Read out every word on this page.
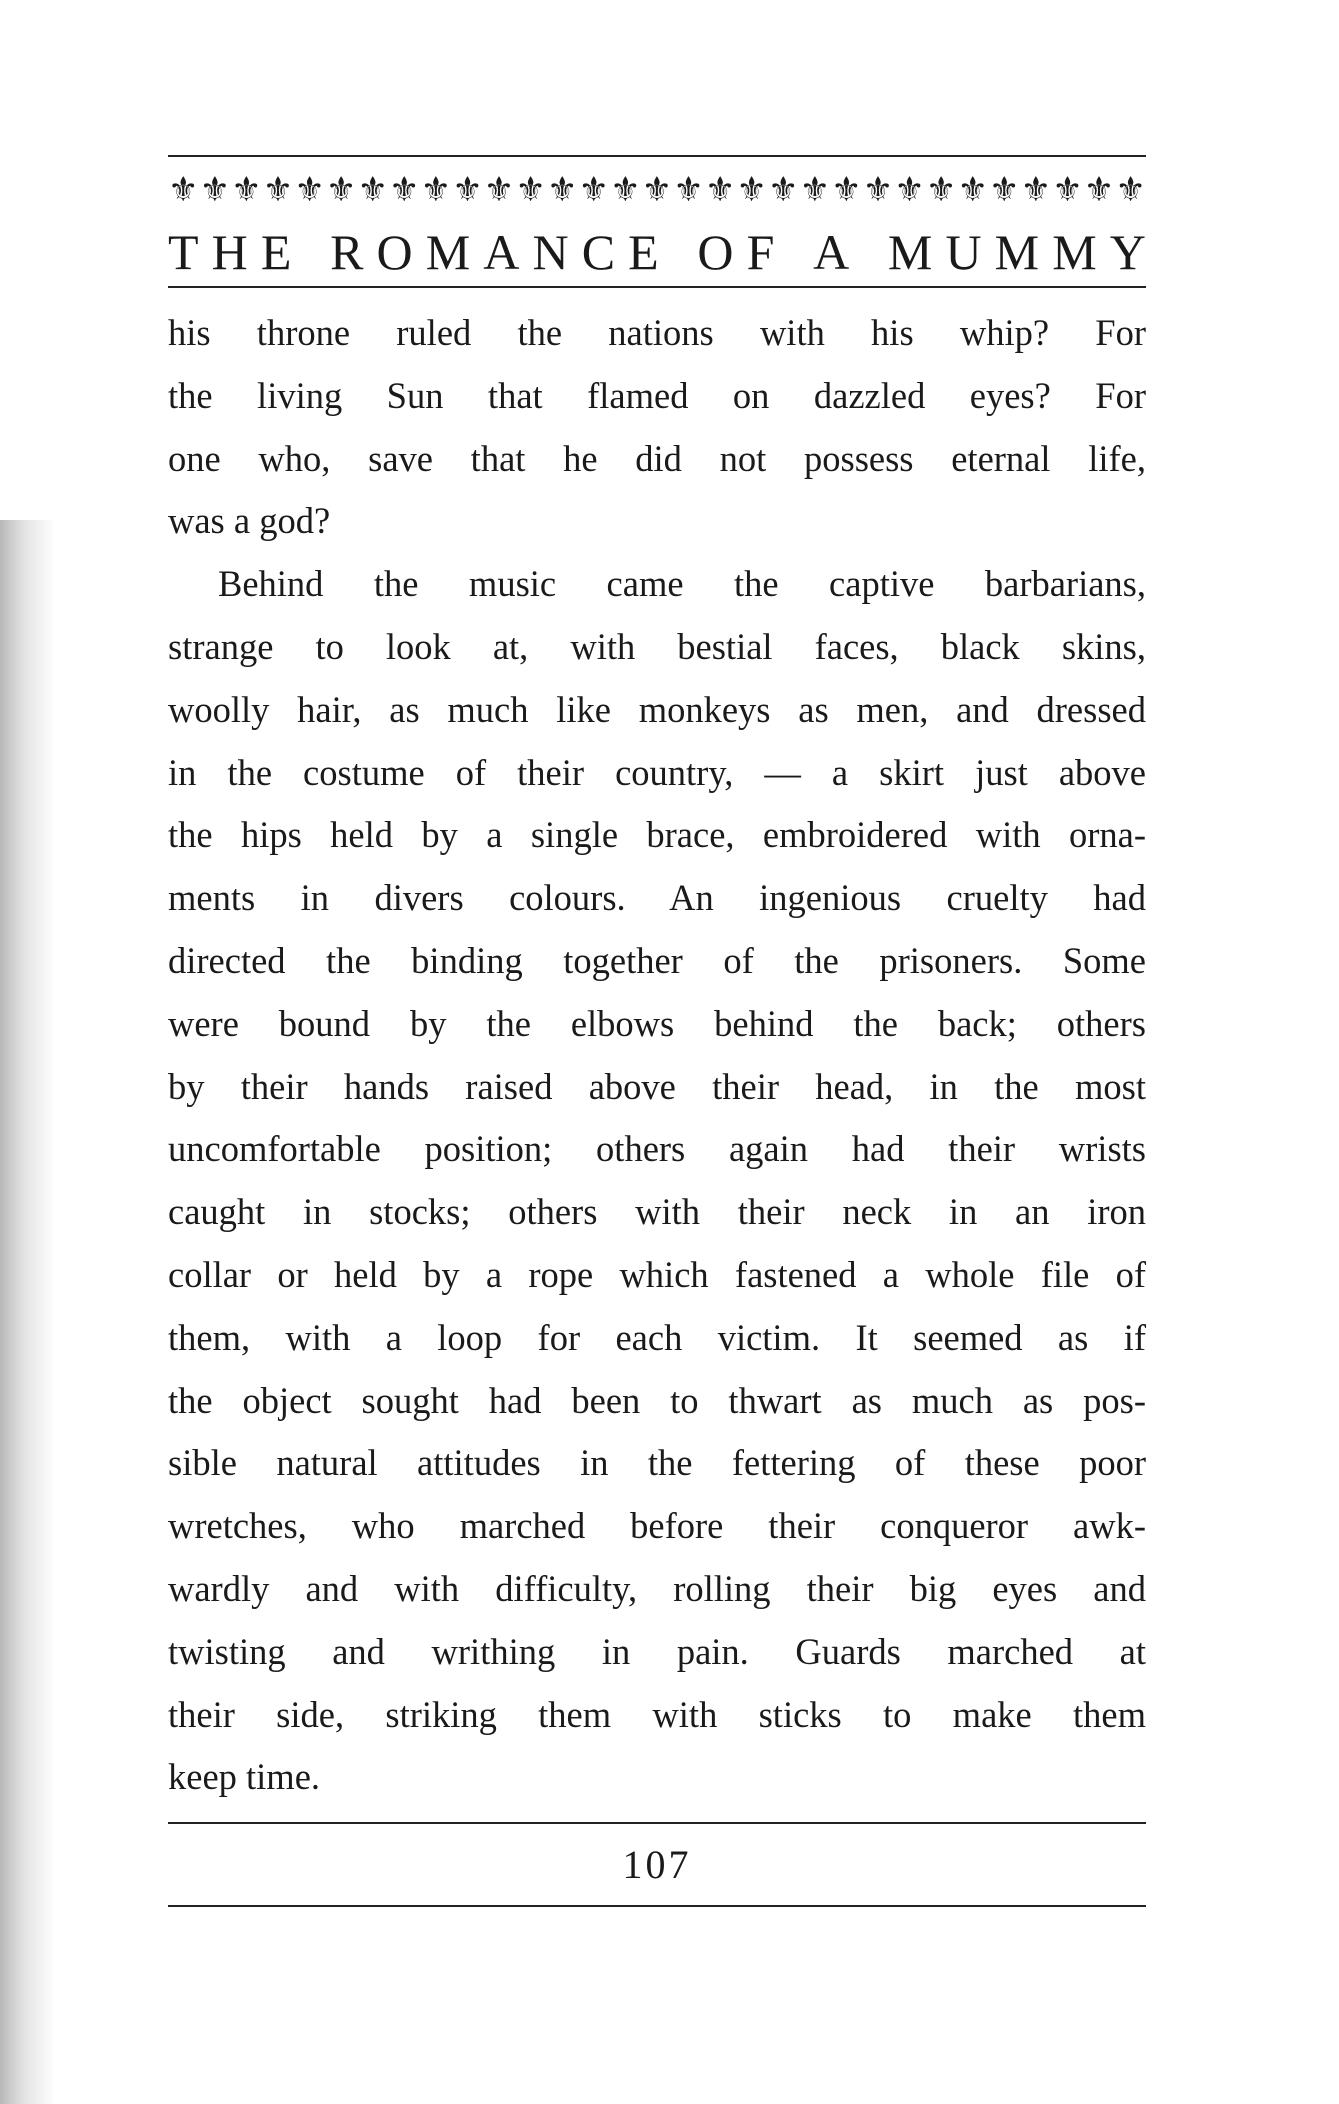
⚜ ⚜ ⚜ ⚜ ⚜ ⚜ ⚜ ⚜ ⚜ ⚜ ⚜ ⚜ ⚜ ⚜ ⚜ ⚜ ⚜ ⚜ ⚜ ⚜ ⚜ ⚜ ⚜ ⚜ ⚜ ⚜ ⚜ ⚜ ⚜ ⚜ ⚜
T H E
R O M A N C E
O F
A
M U M M Y
his throne ruled the nations with his whip? For
the living Sun that flamed on dazzled eyes? For
one who, save that he did not possess eternal life,
was a god?
Behind the music came the captive barbarians,
strange to look at, with bestial faces, black skins,
woolly hair, as much like monkeys as men, and dressed
in the costume of their country, — a skirt just above
the hips held by a single brace, embroidered with orna-
ments in divers colours. An ingenious cruelty had
directed the binding together of the prisoners. Some
were bound by the elbows behind the back; others
by their hands raised above their head, in the most
uncomfortable position; others again had their wrists
caught in stocks; others with their neck in an iron
collar or held by a rope which fastened a whole file of
them, with a loop for each victim. It seemed as if
the object sought had been to thwart as much as pos-
sible natural attitudes in the fettering of these poor
wretches, who marched before their conqueror awk-
wardly and with difficulty, rolling their big eyes and
twisting and writhing in pain. Guards marched at
their side, striking them with sticks to make them
keep time.
107
